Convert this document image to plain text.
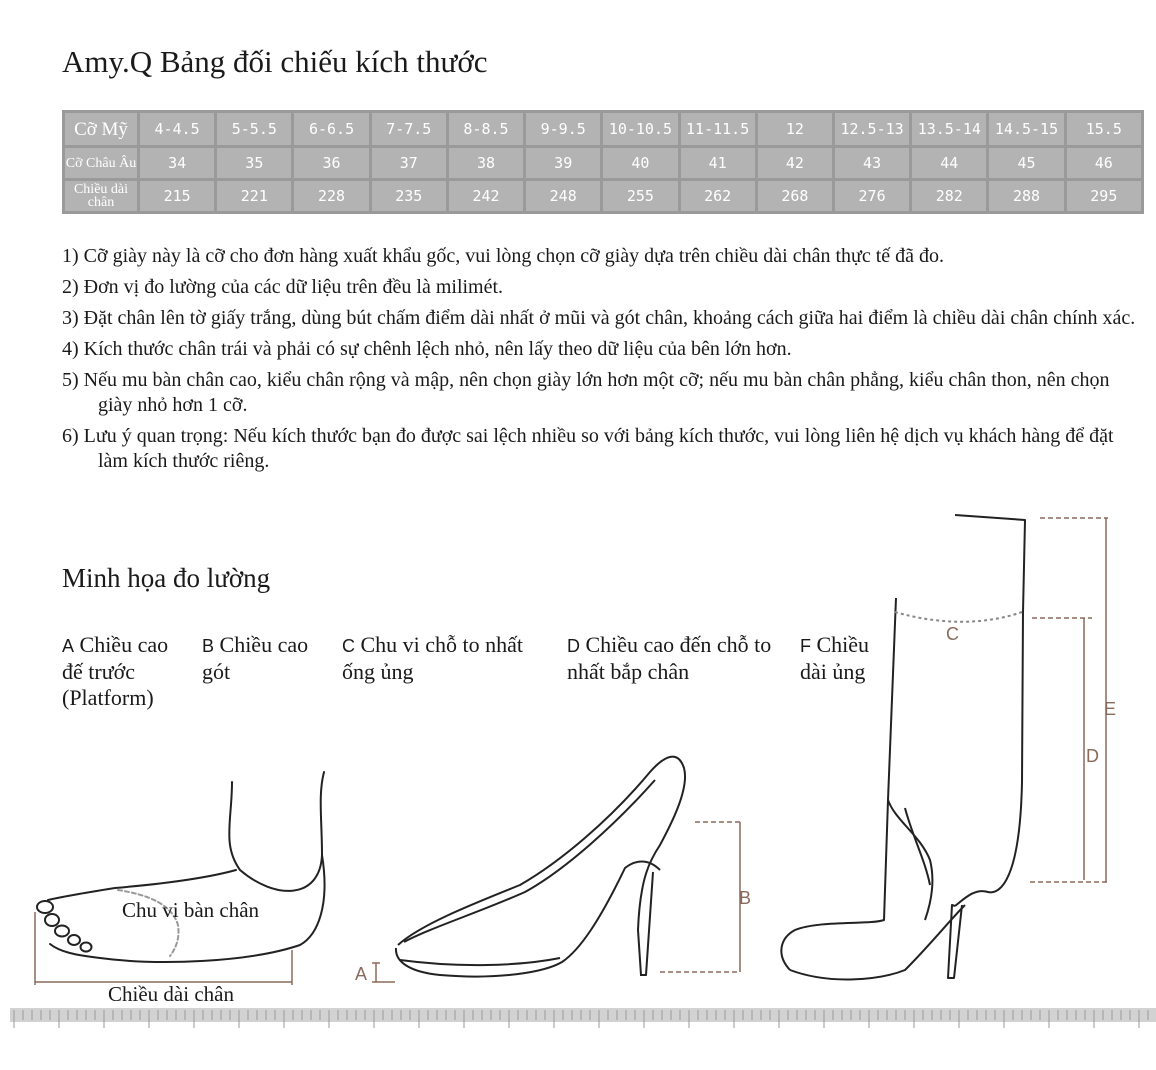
Amy.Q Bảng đối chiếu kích thước
Cỡ Mỹ	4-4.5	5-5.5	6-6.5	7-7.5	8-8.5	9-9.5	10-10.5	11-11.5	12	12.5-13	13.5-14	14.5-15	15.5
Cỡ Châu Âu	34	35	36	37	38	39	40	41	42	43	44	45	46
Chiều dài chân	215	221	228	235	242	248	255	262	268	276	282	288	295
1) Cỡ giày này là cỡ cho đơn hàng xuất khẩu gốc, vui lòng chọn cỡ giày dựa trên chiều dài chân thực tế đã đo.
2) Đơn vị đo lường của các dữ liệu trên đều là milimét.
3) Đặt chân lên tờ giấy trắng, dùng bút chấm điểm dài nhất ở mũi và gót chân, khoảng cách giữa hai điểm là chiều dài chân chính xác.
4) Kích thước chân trái và phải có sự chênh lệch nhỏ, nên lấy theo dữ liệu của bên lớn hơn.
5) Nếu mu bàn chân cao, kiểu chân rộng và mập, nên chọn giày lớn hơn một cỡ; nếu mu bàn chân phẳng, kiểu chân thon, nên chọn giày nhỏ hơn 1 cỡ.
6) Lưu ý quan trọng: Nếu kích thước bạn đo được sai lệch nhiều so với bảng kích thước, vui lòng liên hệ dịch vụ khách hàng để đặt làm kích thước riêng.
Minh họa đo lường
A Chiều cao đế trước (Platform)
B Chiều cao gót
C Chu vi chỗ to nhất ống ủng
D Chiều cao đến chỗ to nhất bắp chân
F Chiều dài ủng
B
A
C
D
E
Chu vi bàn chân
Chiều dài chân
